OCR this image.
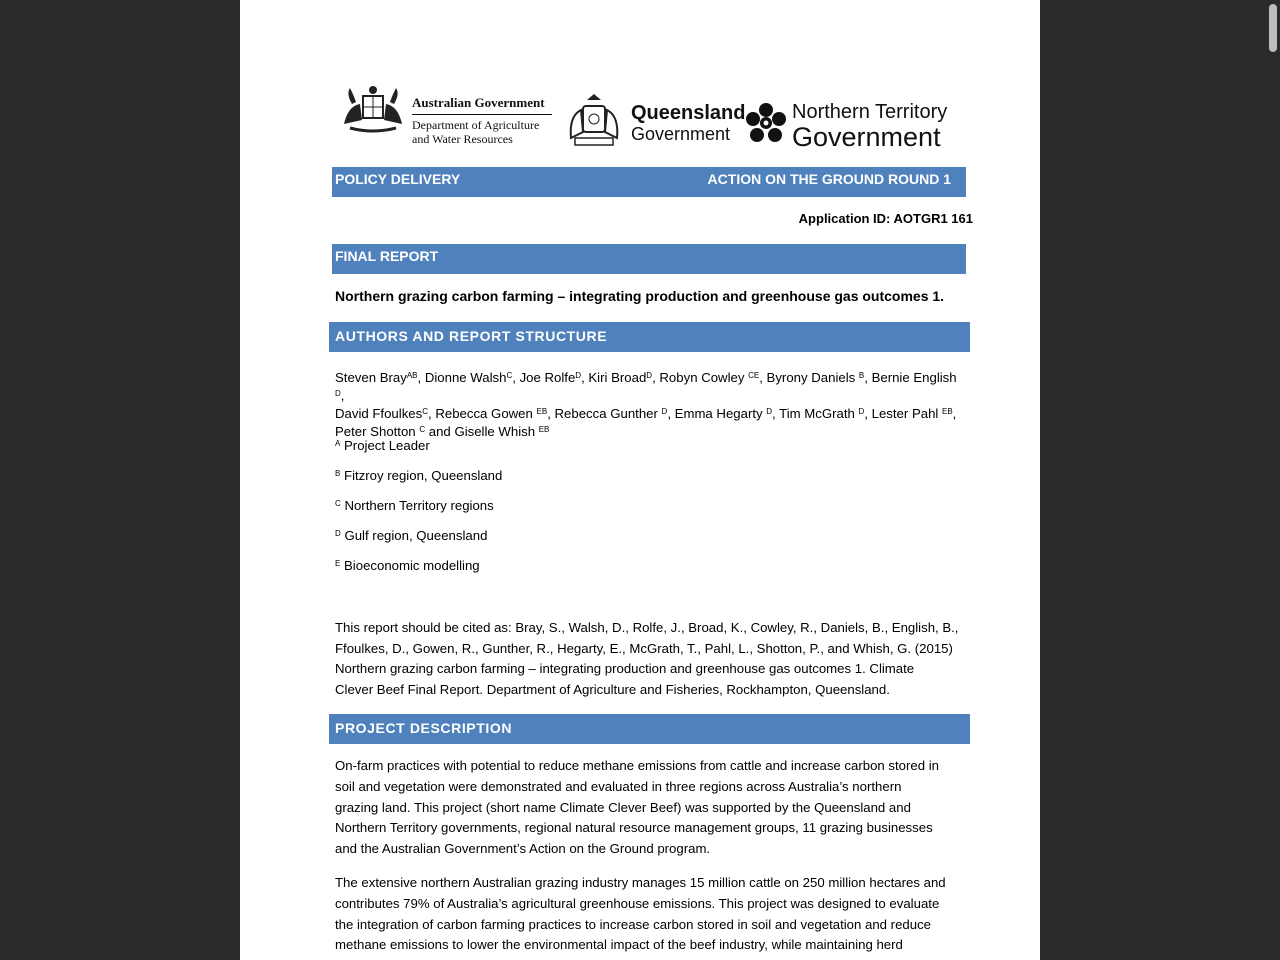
Australian Government
Department of Agriculture
and Water Resources
Queensland
Government
Northern Territory
Government
POLICY DELIVERY	ACTION ON THE GROUND ROUND 1
Application ID: AOTGR1 161
FINAL REPORT
Northern grazing carbon farming – integrating production and greenhouse gas outcomes 1.
AUTHORS AND REPORT STRUCTURE
Steven Bray$^{AB}$, Dionne Walsh$^C$, Joe Rolfe$^D$, Kiri Broad$^D$, Robyn Cowley $^{CE}$, Byrony Daniels $^B$, Bernie English $^D$,
David Ffoulkes$^C$, Rebecca Gowen $^{EB}$, Rebecca Gunther $^D$, Emma Hegarty $^D$, Tim McGrath $^D$, Lester Pahl $^{EB}$,
Peter Shotton $^C$ and Giselle Whish $^{EB}$
$^A$ Project Leader
$^B$ Fitzroy region, Queensland
$^C$ Northern Territory regions
$^D$ Gulf region, Queensland
$^E$ Bioeconomic modelling
This report should be cited as: Bray, S., Walsh, D., Rolfe, J., Broad, K., Cowley, R., Daniels, B., English, B.,
Ffoulkes, D., Gowen, R., Gunther, R., Hegarty, E., McGrath, T., Pahl, L., Shotton, P., and Whish, G. (2015)
Northern grazing carbon farming – integrating production and greenhouse gas outcomes 1. Climate
Clever Beef Final Report. Department of Agriculture and Fisheries, Rockhampton, Queensland.
PROJECT DESCRIPTION
On-farm practices with potential to reduce methane emissions from cattle and increase carbon stored in
soil and vegetation were demonstrated and evaluated in three regions across Australia’s northern
grazing land. This project (short name Climate Clever Beef) was supported by the Queensland and
Northern Territory governments, regional natural resource management groups, 11 grazing businesses
and the Australian Government’s Action on the Ground program.
The extensive northern Australian grazing industry manages 15 million cattle on 250 million hectares and
contributes 79% of Australia’s agricultural greenhouse emissions. This project was designed to evaluate
the integration of carbon farming practices to increase carbon stored in soil and vegetation and reduce
methane emissions to lower the environmental impact of the beef industry, while maintaining herd
